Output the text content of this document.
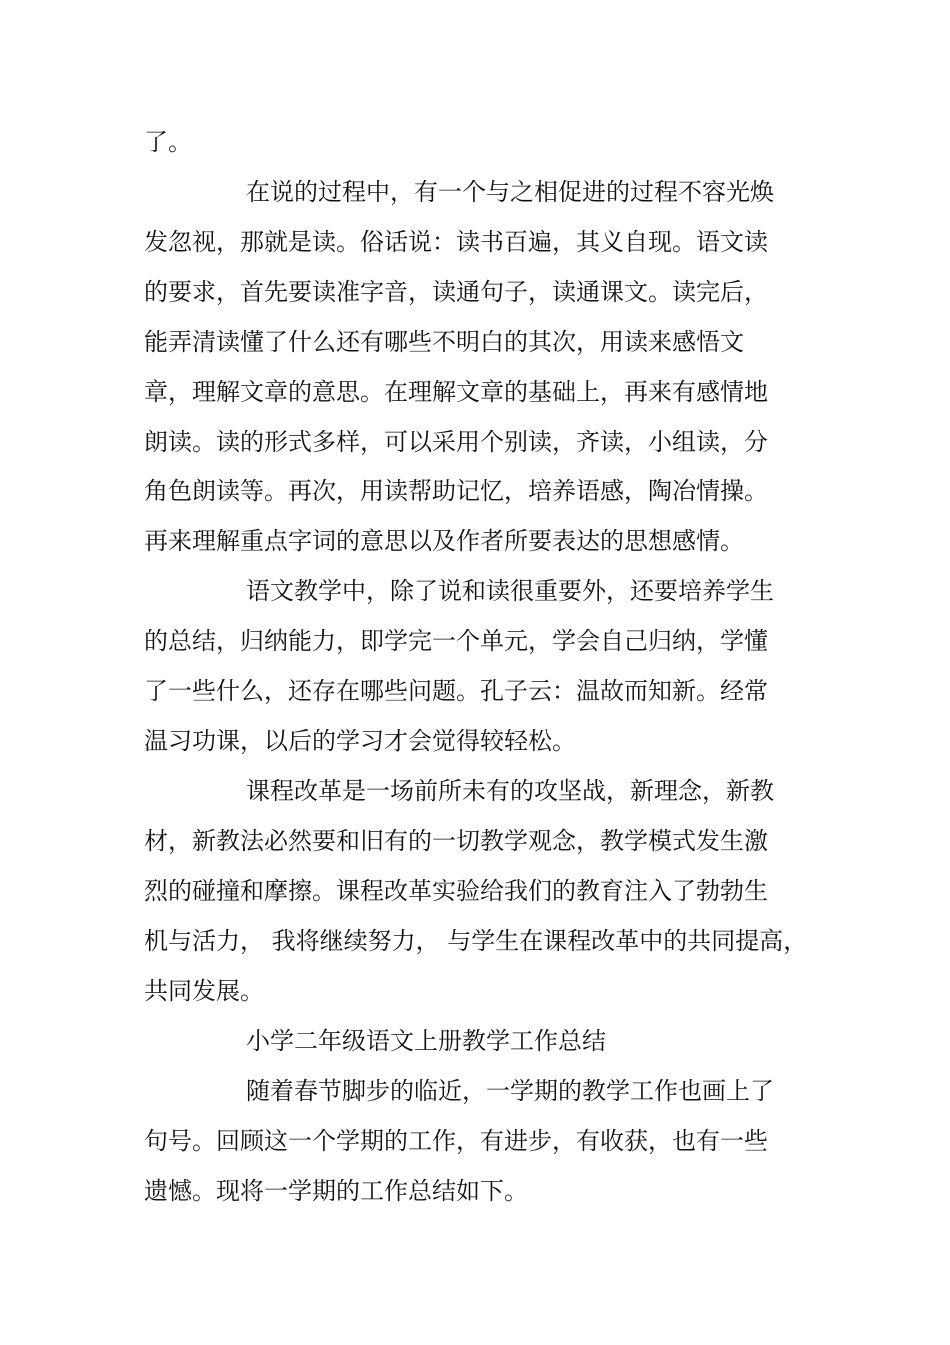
了。
在说的过程中，有一个与之相促进的过程不容光焕
发忽视，那就是读。俗话说：读书百遍，其义自现。语文读
的要求，首先要读准字音，读通句子，读通课文。读完后，
能弄清读懂了什么还有哪些不明白的其次，用读来感悟文
章，理解文章的意思。在理解文章的基础上，再来有感情地
朗读。读的形式多样，可以采用个别读，齐读，小组读，分
角色朗读等。再次，用读帮助记忆，培养语感，陶冶情操。
再来理解重点字词的意思以及作者所要表达的思想感情。
语文教学中，除了说和读很重要外，还要培养学生
的总结，归纳能力，即学完一个单元，学会自己归纳，学懂
了一些什么，还存在哪些问题。孔子云：温故而知新。经常
温习功课，以后的学习才会觉得较轻松。
课程改革是一场前所未有的攻坚战，新理念，新教
材，新教法必然要和旧有的一切教学观念，教学模式发生激
烈的碰撞和摩擦。课程改革实验给我们的教育注入了勃勃生
机与活力， 我将继续努力， 与学生在课程改革中的共同提高，
共同发展。
小学二年级语文上册教学工作总结
随着春节脚步的临近，一学期的教学工作也画上了
句号。回顾这一个学期的工作，有进步，有收获，也有一些
遗憾。现将一学期的工作总结如下。
